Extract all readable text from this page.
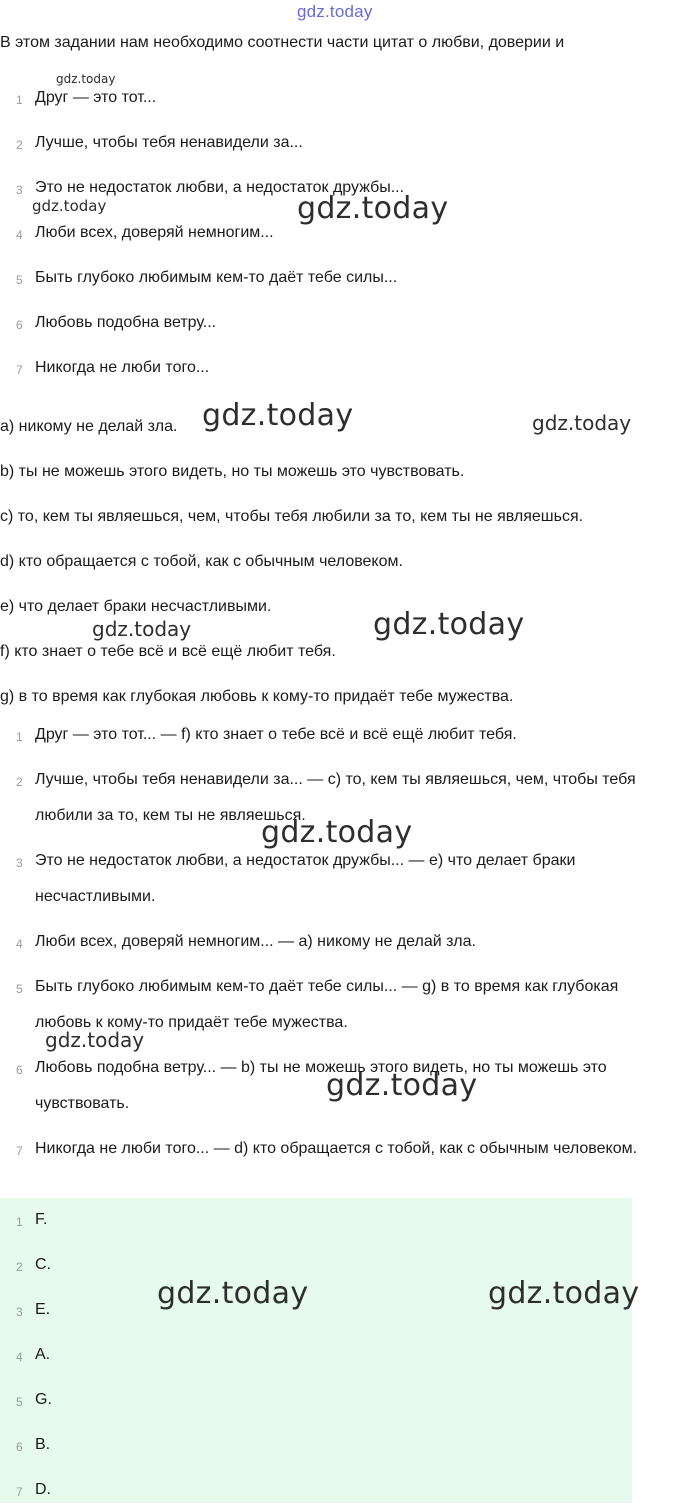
gdz.today
В этом задании нам необходимо соотнести части цитат о любви, доверии и
1 Друг — это тот...
2 Лучше, чтобы тебя ненавидели за...
3 Это не недостаток любви, а недостаток дружбы...
4 Люби всех, доверяй немногим...
5 Быть глубоко любимым кем-то даёт тебе силы...
6 Любовь подобна ветру...
7 Никогда не люби того...
a) никому не делай зла.
b) ты не можешь этого видеть, но ты можешь это чувствовать.
c) то, кем ты являешься, чем, чтобы тебя любили за то, кем ты не являешься.
d) кто обращается с тобой, как с обычным человеком.
e) что делает браки несчастливыми.
f) кто знает о тебе всё и всё ещё любит тебя.
g) в то время как глубокая любовь к кому-то придаёт тебе мужества.
1 Друг — это тот... — f) кто знает о тебе всё и всё ещё любит тебя.
2 Лучше, чтобы тебя ненавидели за... — c) то, кем ты являешься, чем, чтобы тебя любили за то, кем ты не являешься.
3 Это не недостаток любви, а недостаток дружбы... — e) что делает браки несчастливыми.
4 Люби всех, доверяй немногим... — a) никому не делай зла.
5 Быть глубоко любимым кем-то даёт тебе силы... — g) в то время как глубокая любовь к кому-то придаёт тебе мужества.
6 Любовь подобна ветру... — b) ты не можешь этого видеть, но ты можешь это чувствовать.
7 Никогда не люби того... — d) кто обращается с тобой, как с обычным человеком.
1 F.
2 C.
3 E.
4 A.
5 G.
6 B.
7 D.
gdz.today
gdz.today	gdz.today
gdz.today	gdz.today
gdz.today	gdz.today
gdz.today
gdz.today
gdz.today
gdz.today	gdz.today
